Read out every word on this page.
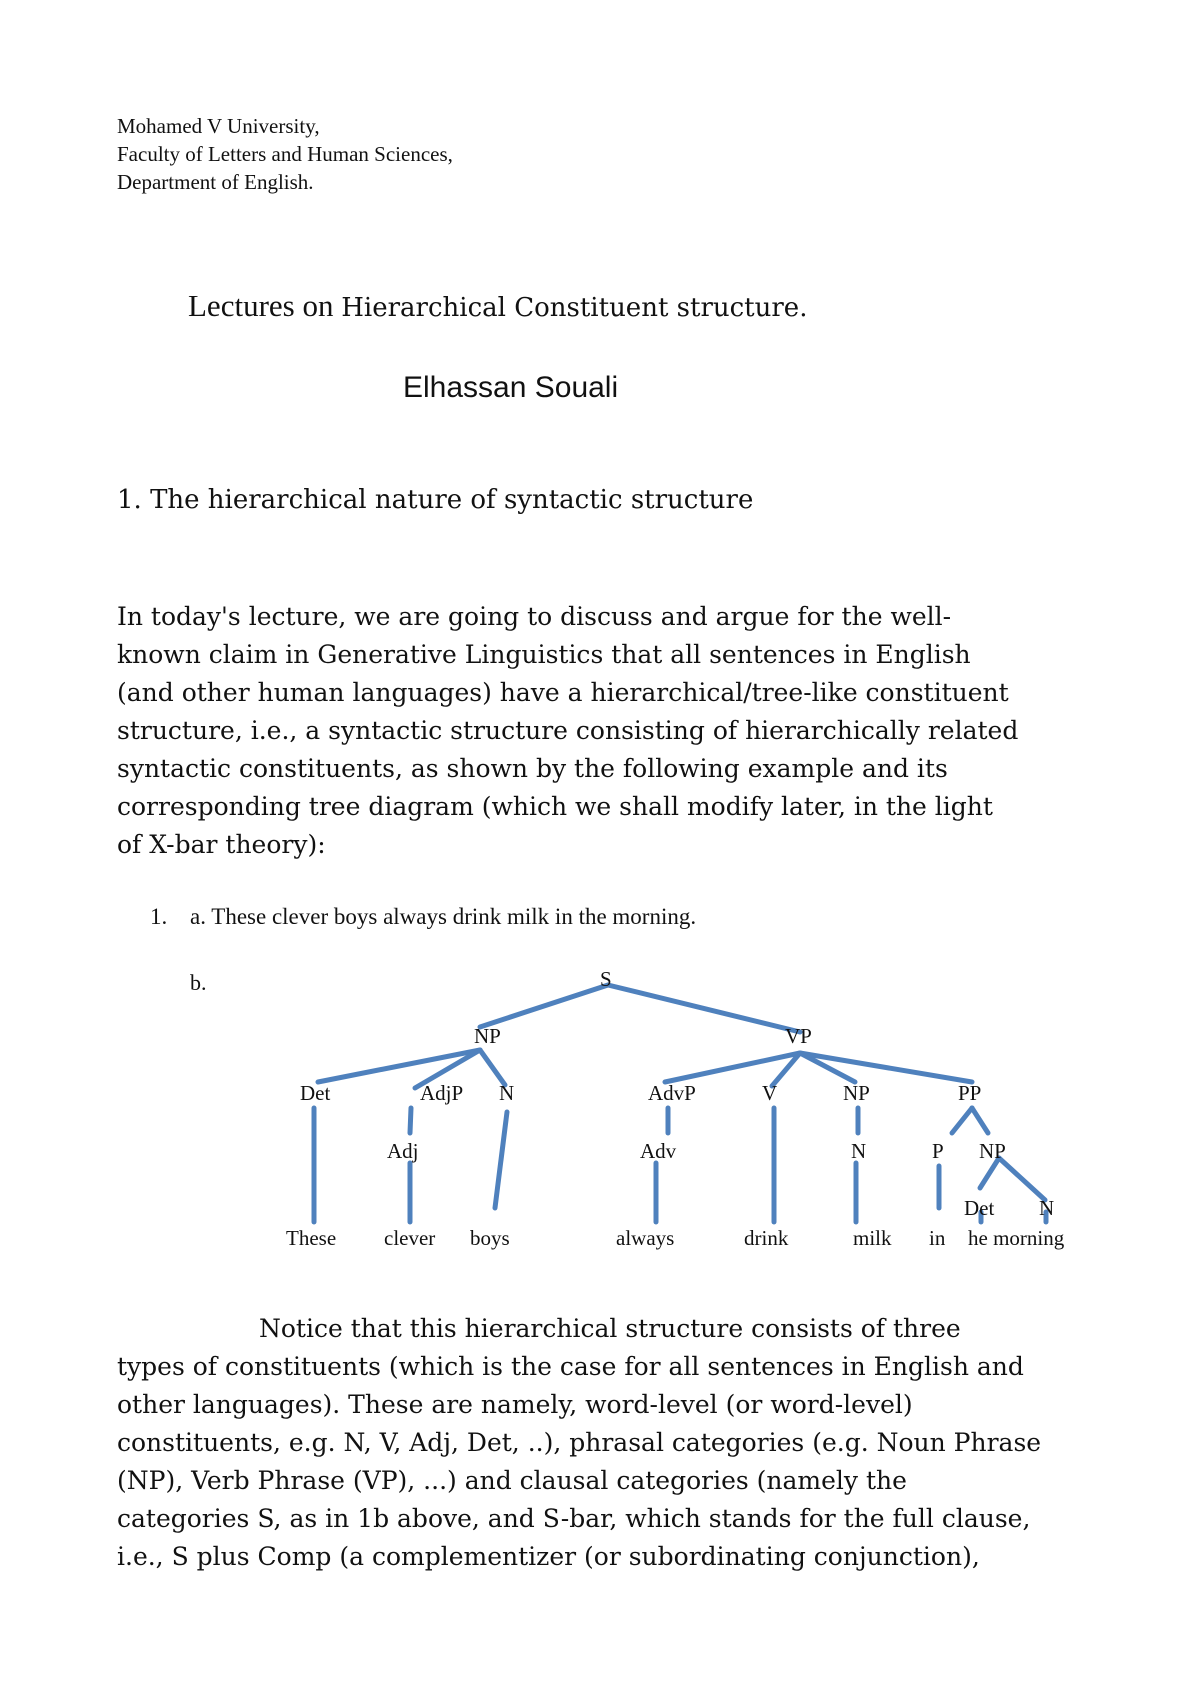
Mohamed V University,
Faculty of Letters and Human Sciences,
Department of English.
Lectures on Hierarchical Constituent structure.
Elhassan Souali
1. The hierarchical nature of syntactic structure
In today's lecture, we are going to discuss and argue for the well-
known claim in Generative Linguistics that all sentences in English
(and other human languages) have a hierarchical/tree-like constituent
structure, i.e., a syntactic structure consisting of hierarchically related
syntactic constituents, as shown by the following example and its
corresponding tree diagram (which we shall modify later, in the light
of X-bar theory):
1. a. These clever boys always drink milk in the morning.
b.	S
NP	VP
Det	AdjP N
Adj
AdvP	V	NP	PP
Adv	N	P NP
Det N
These clever boys	always	drink	milk in he morning
Notice that this hierarchical structure consists of three
types of constituents (which is the case for all sentences in English and
other languages). These are namely, word-level (or word-level)
constituents, e.g. N, V, Adj, Det, ..), phrasal categories (e.g. Noun Phrase
(NP), Verb Phrase (VP), ...) and clausal categories (namely the
categories S, as in 1b above, and S-bar, which stands for the full clause,
i.e., S plus Comp (a complementizer (or subordinating conjunction),
